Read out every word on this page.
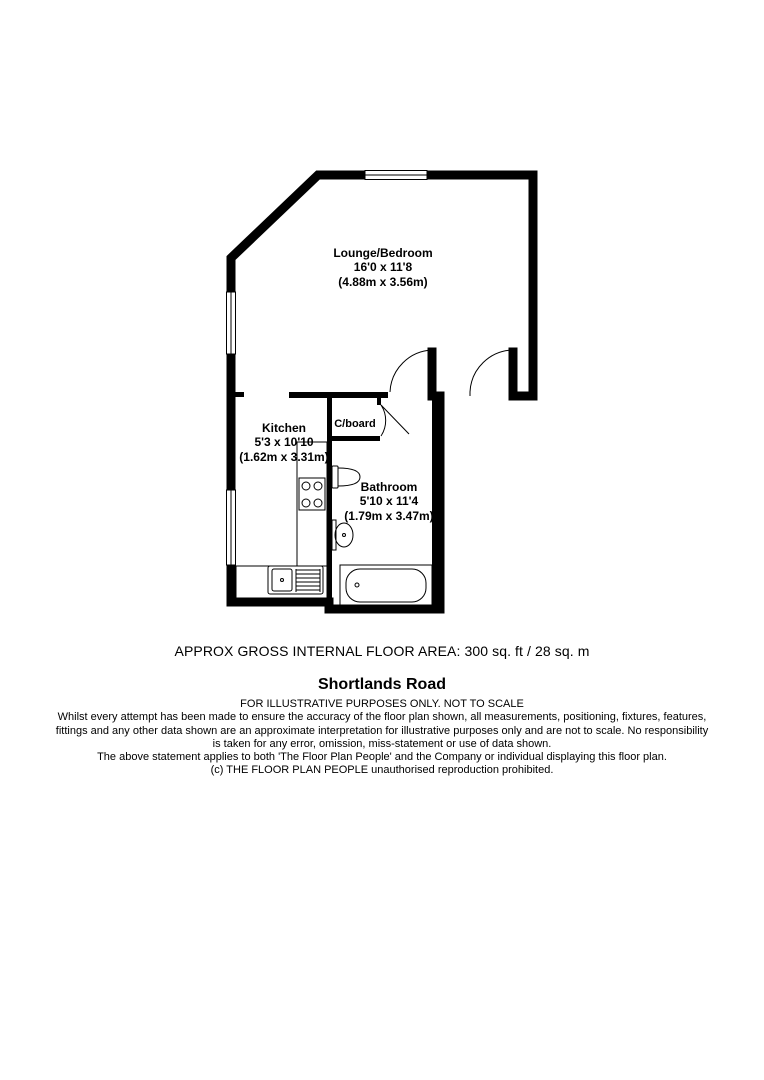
Lounge/Bedroom
16'0 x 11'8
(4.88m x 3.56m)
Kitchen
5'3 x 10'10
(1.62m x 3.31m)
Bathroom
5'10 x 11'4
(1.79m x 3.47m)
C/board
APPROX GROSS INTERNAL FLOOR AREA: 300 sq. ft / 28 sq. m
Shortlands Road
FOR ILLUSTRATIVE PURPOSES ONLY. NOT TO SCALE
Whilst every attempt has been made to ensure the accuracy of the floor plan shown, all measurements, positioning, fixtures, features,
fittings and any other data shown are an approximate interpretation for illustrative purposes only and are not to scale. No responsibility
is taken for any error, omission, miss-statement or use of data shown.
The above statement applies to both 'The Floor Plan People' and the Company or individual displaying this floor plan.
(c) THE FLOOR PLAN PEOPLE unauthorised reproduction prohibited.
